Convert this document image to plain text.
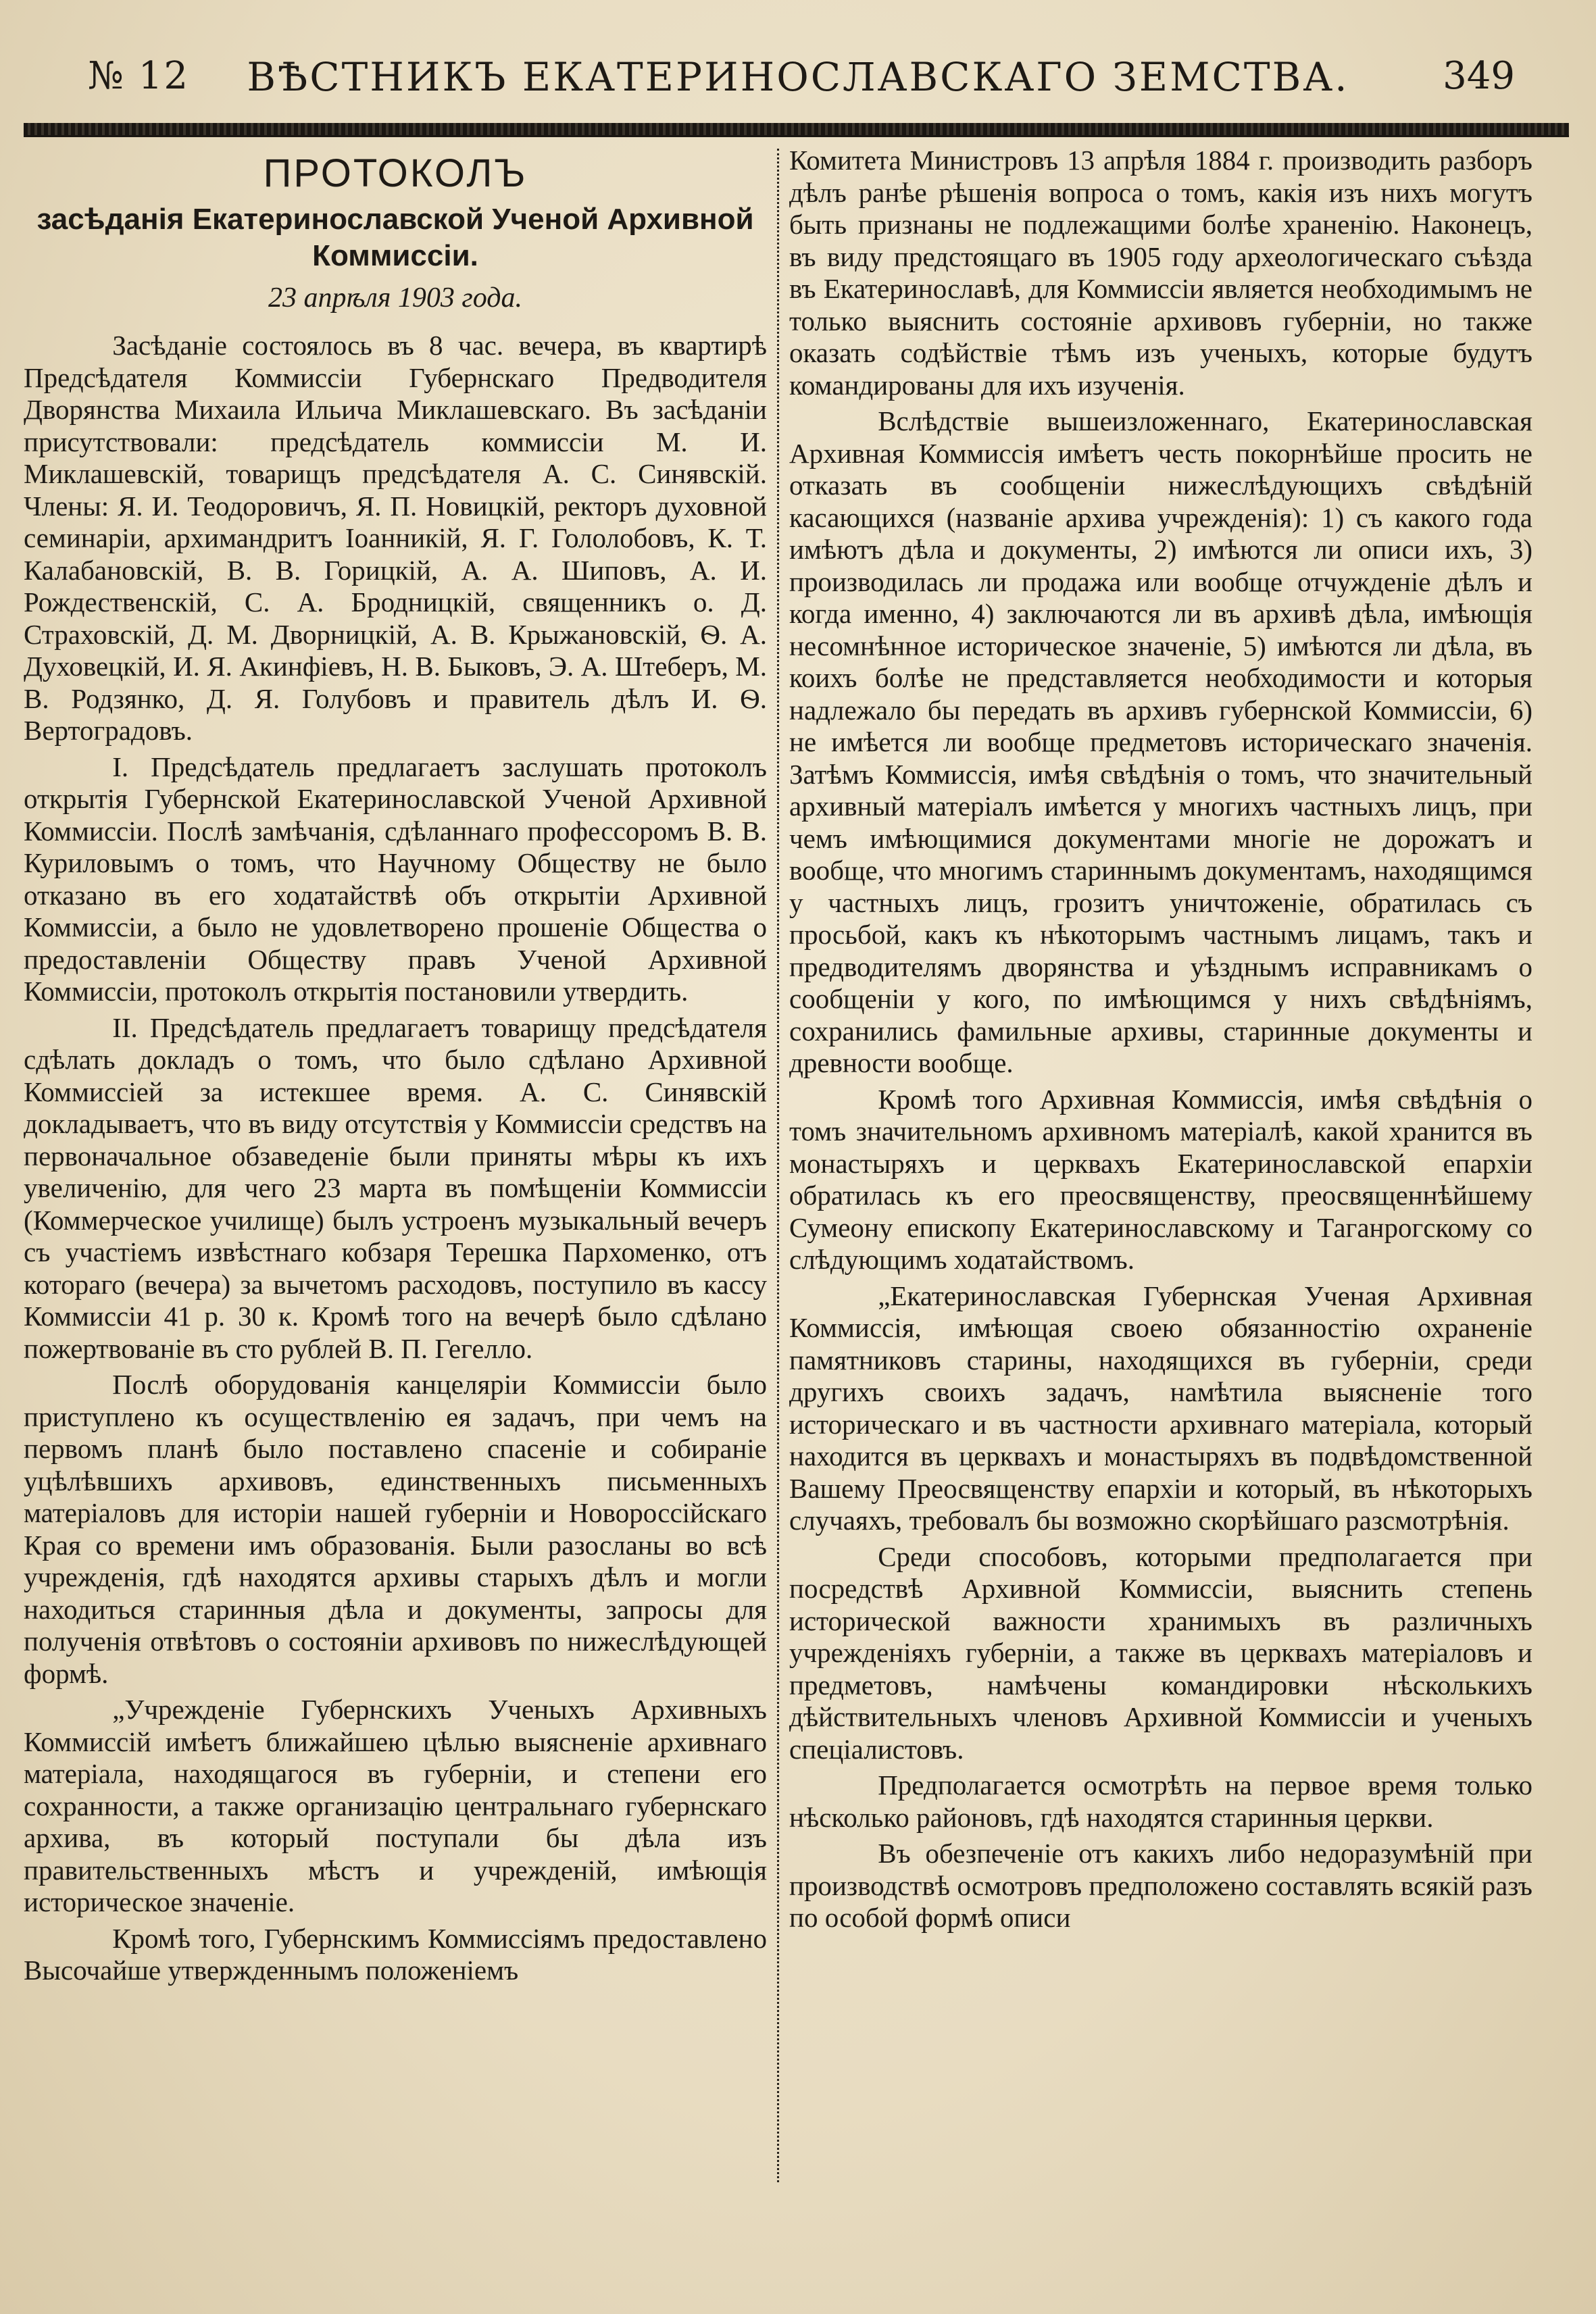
№ 12	ВѢСТНИКЪ ЕКАТЕРИНОСЛАВСКАГО ЗЕМСТВА.	349
ПРОТОКОЛЪ
засѣданія Екатеринославской Ученой Архивной Коммиссіи.
23 апрѣля 1903 года.

Засѣданіе состоялось въ 8 час. вечера, въ квартирѣ Предсѣдателя Коммиссіи Губернскаго Предводителя Дворянства Михаила Ильича Миклашевскаго. Въ засѣданіи присутствовали: предсѣдатель коммиссіи М. И. Миклашевскій, товарищъ предсѣдателя А. С. Синявскій. Члены: Я. И. Теодоровичъ, Я. П. Новицкій, ректоръ духовной семинаріи, архимандритъ Іоанникій, Я. Г. Гололобовъ, К. Т. Калабановскій, В. В. Горицкій, А. А. Шиповъ, А. И. Рождественскій, С. А. Бродницкій, священникъ о. Д. Страховскій, Д. М. Дворницкій, А. В. Крыжановскій, Ѳ. А. Духовецкій, И. Я. Акинфіевъ, Н. В. Быковъ, Э. А. Штеберъ, М. В. Родзянко, Д. Я. Голубовъ и правитель дѣлъ И. Ѳ. Вертоградовъ.

I. Предсѣдатель предлагаетъ заслушать протоколъ открытія Губернской Екатеринославской Ученой Архивной Коммиссіи. Послѣ замѣчанія, сдѣланнаго профессоромъ В. В. Куриловымъ о томъ, что Научному Обществу не было отказано въ его ходатайствѣ объ открытіи Архивной Коммиссіи, а было не удовлетворено прошеніе Общества о предоставленіи Обществу правъ Ученой Архивной Коммиссіи, протоколъ открытія постановили утвердить.

II. Предсѣдатель предлагаетъ товарищу предсѣдателя сдѣлать докладъ о томъ, что было сдѣлано Архивной Коммиссіей за истекшее время. А. С. Синявскій докладываетъ, что въ виду отсутствія у Коммиссіи средствъ на первоначальное обзаведеніе были приняты мѣры къ ихъ увеличенію, для чего 23 марта въ помѣщеніи Коммиссіи (Коммерческое училище) былъ устроенъ музыкальный вечеръ съ участіемъ извѣстнаго кобзаря Терешка Пархоменко, отъ котораго (вечера) за вычетомъ расходовъ, поступило въ кассу Коммиссіи 41 р. 30 к. Кромѣ того на вечерѣ было сдѣлано пожертвованіе въ сто рублей В. П. Гегелло.

Послѣ оборудованія канцеляріи Коммиссіи было приступлено къ осуществленію ея задачъ, при чемъ на первомъ планѣ было поставлено спасеніе и собираніе уцѣлѣвшихъ архивовъ, единственныхъ письменныхъ матеріаловъ для исторіи нашей губерніи и Новороссійскаго Края со времени имъ образованія. Были разосланы во всѣ учрежденія, гдѣ находятся архивы старыхъ дѣлъ и могли находиться старинныя дѣла и документы, запросы для полученія отвѣтовъ о состояніи архивовъ по нижеслѣдующей формѣ.

„Учрежденіе Губернскихъ Ученыхъ Архивныхъ Коммиссій имѣетъ ближайшею цѣлью выясненіе архивнаго матеріала, находящагося въ губерніи, и степени его сохранности, а также организацію центральнаго губернскаго архива, въ который поступали бы дѣла изъ правительственныхъ мѣстъ и учрежденій, имѣющія историческое значеніе.

Кромѣ того, Губернскимъ Коммиссіямъ предоставлено Высочайше утвержденнымъ положеніемъ

Комитета Министровъ 13 апрѣля 1884 г. производить разборъ дѣлъ ранѣе рѣшенія вопроса о томъ, какія изъ нихъ могутъ быть признаны не подлежащими болѣе храненію. Наконецъ, въ виду предстоящаго въ 1905 году археологическаго съѣзда въ Екатеринославѣ, для Коммиссіи является необходимымъ не только выяснить состояніе архивовъ губерніи, но также оказать содѣйствіе тѣмъ изъ ученыхъ, которые будутъ командированы для ихъ изученія.

Вслѣдствіе вышеизложеннаго, Екатеринославская Архивная Коммиссія имѣетъ честь покорнѣйше просить не отказать въ сообщеніи нижеслѣдующихъ свѣдѣній касающихся (названіе архива учрежденія): 1) съ какого года имѣютъ дѣла и документы, 2) имѣются ли описи ихъ, 3) производилась ли продажа или вообще отчужденіе дѣлъ и когда именно, 4) заключаются ли въ архивѣ дѣла, имѣющія несомнѣнное историческое значеніе, 5) имѣются ли дѣла, въ коихъ болѣе не представляется необходимости и которыя надлежало бы передать въ архивъ губернской Коммиссіи, 6) не имѣется ли вообще предметовъ историческаго значенія. Затѣмъ Коммиссія, имѣя свѣдѣнія о томъ, что значительный архивный матеріалъ имѣется у многихъ частныхъ лицъ, при чемъ имѣющимися документами многіе не дорожатъ и вообще, что многимъ стариннымъ документамъ, находящимся у частныхъ лицъ, грозитъ уничтоженіе, обратилась съ просьбой, какъ къ нѣкоторымъ частнымъ лицамъ, такъ и предводителямъ дворянства и уѣзднымъ исправникамъ о сообщеніи у кого, по имѣющимся у нихъ свѣдѣніямъ, сохранились фамильные архивы, старинные документы и древности вообще.

Кромѣ того Архивная Коммиссія, имѣя свѣдѣнія о томъ значительномъ архивномъ матеріалѣ, какой хранится въ монастыряхъ и церквахъ Екатеринославской епархіи обратилась къ его преосвященству, преосвященнѣйшему Сумеону епископу Екатеринославскому и Таганрогскому со слѣдующимъ ходатайствомъ.

„Екатеринославская Губернская Ученая Архивная Коммиссія, имѣющая своею обязанностію охраненіе памятниковъ старины, находящихся въ губерніи, среди другихъ своихъ задачъ, намѣтила выясненіе того историческаго и въ частности архивнаго матеріала, который находится въ церквахъ и монастыряхъ въ подвѣдомственной Вашему Преосвященству епархіи и который, въ нѣкоторыхъ случаяхъ, требовалъ бы возможно скорѣйшаго разсмотрѣнія.

Среди способовъ, которыми предполагается при посредствѣ Архивной Коммиссіи, выяснить степень исторической важности хранимыхъ въ различныхъ учрежденіяхъ губерніи, а также въ церквахъ матеріаловъ и предметовъ, намѣчены командировки нѣсколькихъ дѣйствительныхъ членовъ Архивной Коммиссіи и ученыхъ спеціалистовъ.

Предполагается осмотрѣть на первое время только нѣсколько районовъ, гдѣ находятся старинныя церкви.

Въ обезпеченіе отъ какихъ либо недоразумѣній при производствѣ осмотровъ предположено составлять всякій разъ по особой формѣ описи
